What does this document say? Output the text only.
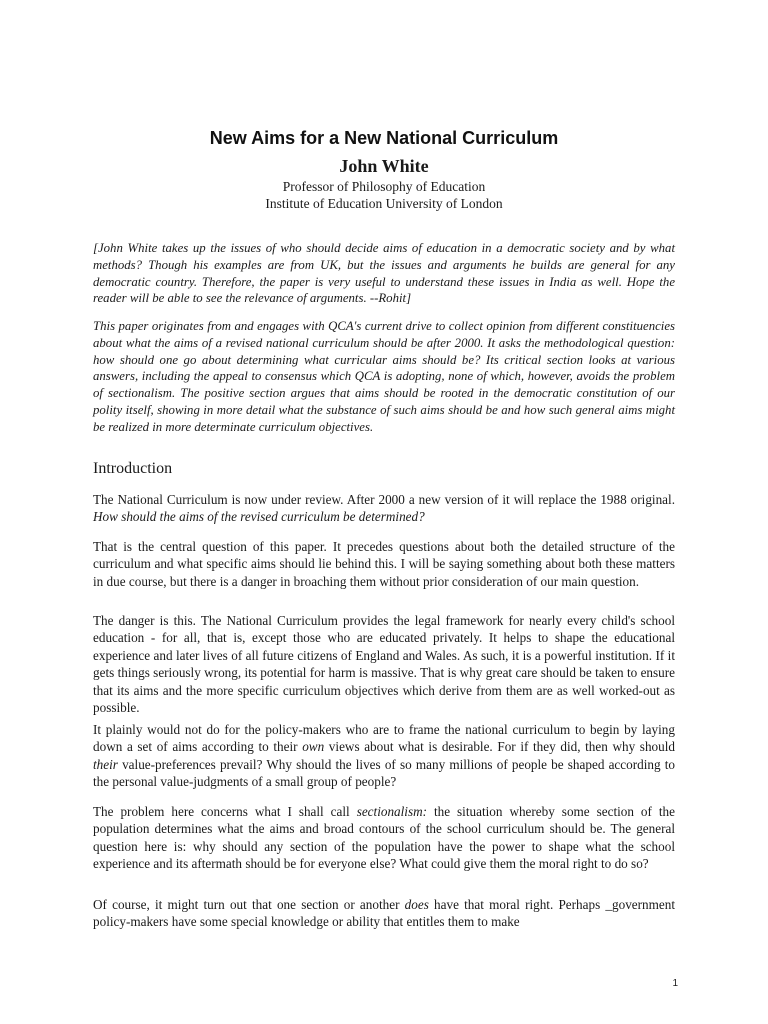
New Aims for a New National Curriculum
John White
Professor of Philosophy of Education
Institute of Education University of London

[John White takes up the issues of who should decide aims of education in a democratic society and by what methods? Though his examples are from UK, but the issues and arguments he builds are general for any democratic country. Therefore, the paper is very useful to understand these issues in India as well. Hope the reader will be able to see the relevance of arguments. --Rohit]

This paper originates from and engages with QCA's current drive to collect opinion from different constituencies about what the aims of a revised national curriculum should be after 2000. It asks the methodological question: how should one go about determining what curricular aims should be? Its critical section looks at various answers, including the appeal to consensus which QCA is adopting, none of which, however, avoids the problem of sectionalism. The positive section argues that aims should be rooted in the democratic constitution of our polity itself, showing in more detail what the substance of such aims should be and how such general aims might be realized in more determinate curriculum objectives.

Introduction

The National Curriculum is now under review. After 2000 a new version of it will replace the 1988 original. How should the aims of the revised curriculum be determined?

That is the central question of this paper. It precedes questions about both the detailed structure of the curriculum and what specific aims should lie behind this. I will be saying something about both these matters in due course, but there is a danger in broaching them without prior consideration of our main question.

The danger is this. The National Curriculum provides the legal framework for nearly every child's school education - for all, that is, except those who are educated privately. It helps to shape the educational experience and later lives of all future citizens of England and Wales. As such, it is a powerful institution. If it gets things seriously wrong, its potential for harm is massive. That is why great care should be taken to ensure that its aims and the more specific curriculum objectives which derive from them are as well worked-out as possible.

It plainly would not do for the policy-makers who are to frame the national curriculum to begin by laying down a set of aims according to their own views about what is desirable. For if they did, then why should their value-preferences prevail? Why should the lives of so many millions of people be shaped according to the personal value-judgments of a small group of people?

The problem here concerns what I shall call sectionalism: the situation whereby some section of the population determines what the aims and broad contours of the school curriculum should be. The general question here is: why should any section of the population have the power to shape what the school experience and its aftermath should be for everyone else? What could give them the moral right to do so?

Of course, it might turn out that one section or another does have that moral right. Perhaps _government policy-makers have some special knowledge or ability that entitles them to make

1
